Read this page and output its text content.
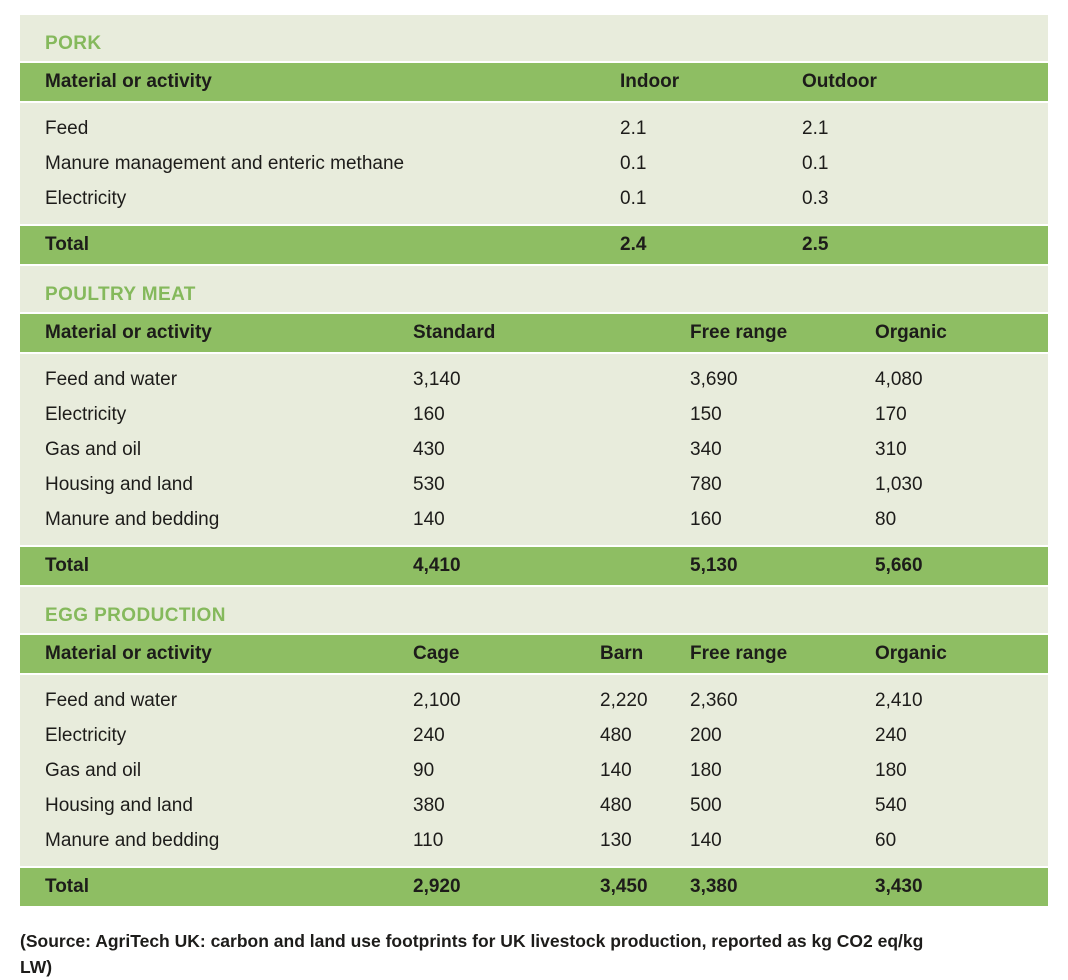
PORK
Material or activity	Indoor	Outdoor
Feed	2.1	2.1
Manure management and enteric methane	0.1	0.1
Electricity	0.1	0.3
Total	2.4	2.5
POULTRY MEAT
Material or activity	Standard	Free range	Organic
Feed and water	3,140	3,690	4,080
Electricity	160	150	170
Gas and oil	430	340	310
Housing and land	530	780	1,030
Manure and bedding	140	160	80
Total	4,410	5,130	5,660
EGG PRODUCTION
Material or activity	Cage	Barn	Free range	Organic
Feed and water	2,100	2,220	2,360	2,410
Electricity	240	480	200	240
Gas and oil	90	140	180	180
Housing and land	380	480	500	540
Manure and bedding	110	130	140	60
Total	2,920	3,450	3,380	3,430
(Source: AgriTech UK: carbon and land use footprints for UK livestock production, reported as kg CO2 eq/kg LW)
